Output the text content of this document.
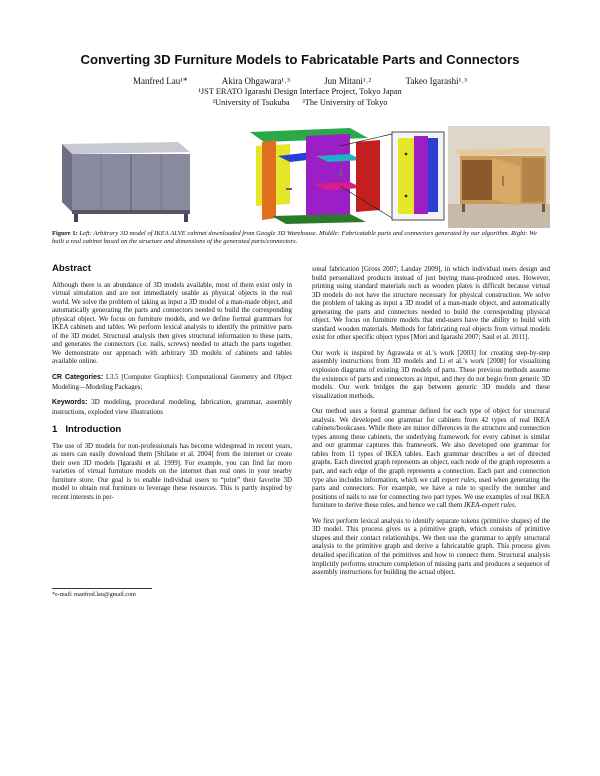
Converting 3D Furniture Models to Fabricatable Parts and Connectors
Manfred Lau¹*	Akira Ohgawara¹˒³	Jun Mitani¹˒²	Takeo Igarashi¹˒³
¹JST ERATO Igarashi Design Interface Project, Tokyo Japan
²University of Tsukuba      ³The University of Tokyo
Figure 1: Left: Arbitrary 3D model of IKEA ALVE cabinet downloaded from Google 3D Warehouse. Middle: Fabricatable parts and connectors generated by our algorithm. Right: We built a real cabinet based on the structure and dimensions of the generated parts/connectors.
Abstract

Although there is an abundance of 3D models available, most of them exist only in virtual simulation and are not immediately usable as physical objects in the real world. We solve the problem of taking as input a 3D model of a man-made object, and automatically generating the parts and connectors needed to build the corresponding physical object. We focus on furniture models, and we define formal grammars for IKEA cabinets and tables. We perform lexical analysis to identify the primitive parts of the 3D model. Structural analysis then gives structural information to these parts, and generates the connectors (i.e. nails, screws) needed to attach the parts together. We demonstrate our approach with arbitrary 3D models of cabinets and tables available online.

CR Categories: I.3.5 [Computer Graphics]: Computational Geometry and Object Modeling—Modeling Packages;

Keywords: 3D modeling, procedural modeling, fabrication, grammar, assembly instructions, exploded view illustrations

1   Introduction

The use of 3D models for non-professionals has become widespread in recent years, as users can easily download them [Shilane et al. 2004] from the internet or create their own 3D models [Igarashi et al. 1999]. For example, you can find far more varieties of virtual furniture models on the internet than real ones in your nearby furniture store. Our goal is to enable individual users to “print” their favorite 3D model to obtain real furniture to leverage these resources. This is partly inspired by recent interests in per-

*e-mail: manfred.lau@gmail.com

sonal fabrication [Gross 2007; Landay 2009], in which individual users design and build personalized products instead of just buying mass-produced ones. However, printing using standard materials such as wooden plates is difficult because virtual 3D models do not have the structure necessary for physical construction. We solve the problem of taking as input a 3D model of a man-made object, and automatically generating the parts and connectors needed to build the corresponding physical object. We focus on furniture models that end-users have the ability to build with standard wooden materials. Methods for fabricating real objects from virtual models exist for other specific object types [Mori and Igarashi 2007; Saul et al. 2011].

Our work is inspired by Agrawala et al.’s work [2003] for creating step-by-step assembly instructions from 3D models and Li et al.’s work [2008] for visualizing explosion diagrams of existing 3D models of parts. These previous methods assume the existence of parts and connectors as input, and they do not begin from generic 3D models. Our work bridges the gap between generic 3D models and these visualization methods.

Our method uses a formal grammar defined for each type of object for structural analysis. We developed one grammar for cabinets from 42 types of real IKEA cabinets/bookcases. While there are minor differences in the structure and connection types among these cabinets, the underlying framework for every cabinet is similar and our grammar captures this framework. We also developed one grammar for tables from 11 types of IKEA tables. Each grammar describes a set of directed graphs. Each directed graph represents an object, each node of the graph represents a part, and each edge of the graph represents a connection. Each part and connection type also includes information, which we call expert rules, used when generating the parts and connectors. For example, we have a rule to specify the number and positions of nails to use for connecting two part types. We use examples of real IKEA furniture to derive these rules, and hence we call them IKEA-expert rules.

We first perform lexical analysis to identify separate tokens (primitive shapes) of the 3D model. This process gives us a primitive graph, which consists of primitive shapes and their contact relationships. We then use the grammar to apply structural analysis to the primitive graph and derive a fabricatable graph. This process gives detailed specification of the primitives and how to connect them. Structural analysis implicitly performs structure completion of missing parts and produces a sequence of assembly instructions for building the actual object.
